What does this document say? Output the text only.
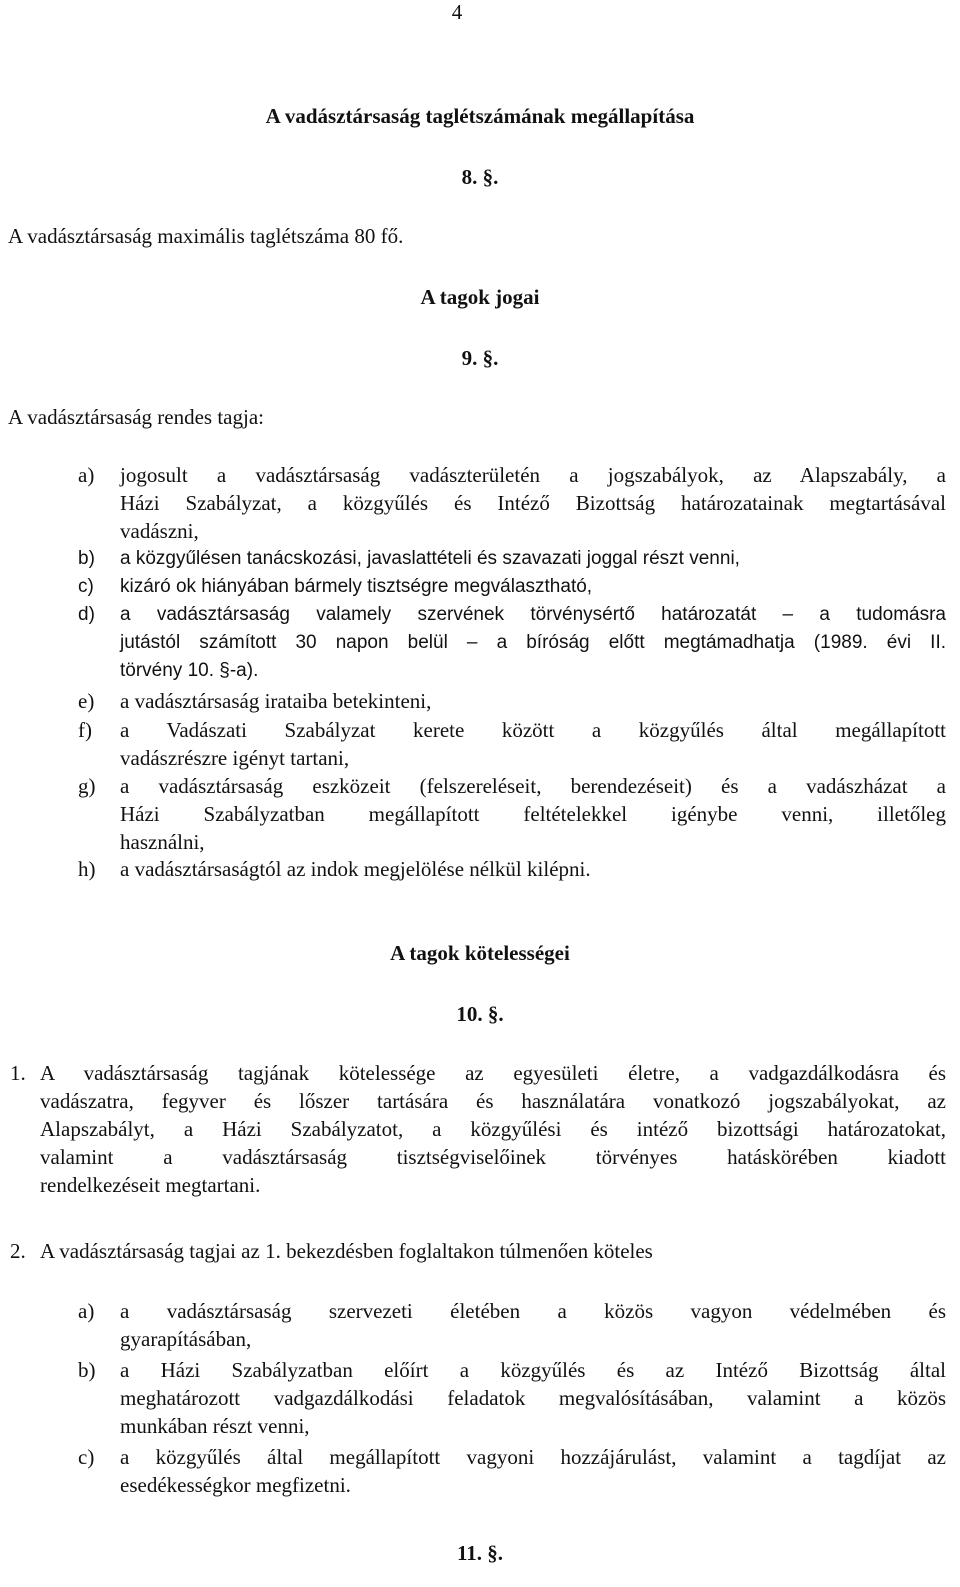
4
A vadásztársaság taglétszámának megállapítása
8. §.
A vadásztársaság maximális taglétszáma 80 fő.
A tagok jogai
9. §.
A vadásztársaság rendes tagja:
a)	jogosult a vadásztársaság vadászterületén a jogszabályok, az Alapszabály, a
Házi Szabályzat, a közgyűlés és Intéző Bizottság határozatainak megtartásával
vadászni,
b)	a közgyűlésen tanácskozási, javaslattételi és szavazati joggal részt venni,
c)	kizáró ok hiányában bármely tisztségre megválasztható,
d)	a vadásztársaság valamely szervének törvénysértő határozatát – a tudomásra
jutástól számított 30 napon belül – a bíróság előtt megtámadhatja (1989. évi II.
törvény 10. §-a).
e)	a vadásztársaság irataiba betekinteni,
f)	a Vadászati Szabályzat kerete között a közgyűlés által megállapított
vadászrészre igényt tartani,
g)	a vadásztársaság eszközeit (felszereléseit, berendezéseit) és a vadászházat a
Házi Szabályzatban megállapított feltételekkel igénybe venni, illetőleg
használni,
h)	a vadásztársaságtól az indok megjelölése nélkül kilépni.
A tagok kötelességei
10. §.
1. A vadásztársaság tagjának kötelessége az egyesületi életre, a vadgazdálkodásra és
vadászatra, fegyver és lőszer tartására és használatára vonatkozó jogszabályokat, az
Alapszabályt, a Házi Szabályzatot, a közgyűlési és intéző bizottsági határozatokat,
valamint a vadásztársaság tisztségviselőinek törvényes hatáskörében kiadott
rendelkezéseit megtartani.
2. A vadásztársaság tagjai az 1. bekezdésben foglaltakon túlmenően köteles
a)	a vadásztársaság szervezeti életében a közös vagyon védelmében és
gyarapításában,
b)	a Házi Szabályzatban előírt a közgyűlés és az Intéző Bizottság által
meghatározott vadgazdálkodási feladatok megvalósításában, valamint a közös
munkában részt venni,
c)	a közgyűlés által megállapított vagyoni hozzájárulást, valamint a tagdíjat az
esedékességkor megfizetni.
11. §.
